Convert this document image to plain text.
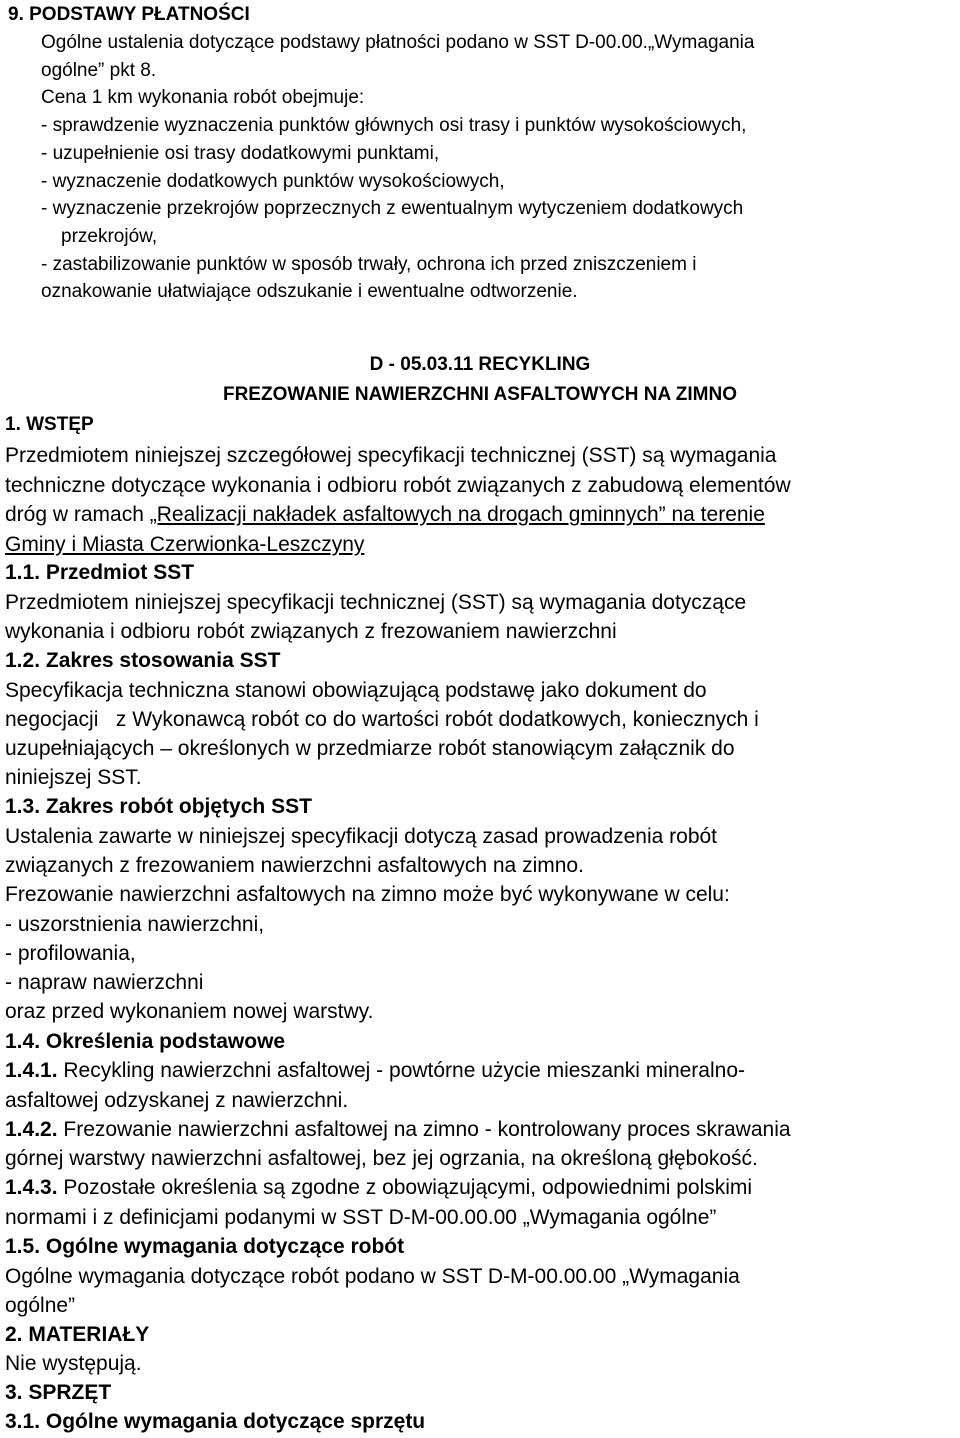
9. PODSTAWY PŁATNOŚCI
Ogólne ustalenia dotyczące podstawy płatności podano w SST D-00.00.„Wymagania
ogólne” pkt 8.
Cena 1 km wykonania robót obejmuje:
- sprawdzenie wyznaczenia punktów głównych osi trasy i punktów wysokościowych,
- uzupełnienie osi trasy dodatkowymi punktami,
- wyznaczenie dodatkowych punktów wysokościowych,
- wyznaczenie przekrojów poprzecznych z ewentualnym wytyczeniem dodatkowych
przekrojów,
- zastabilizowanie punktów w sposób trwały, ochrona ich przed zniszczeniem i
oznakowanie ułatwiające odszukanie i ewentualne odtworzenie.
D - 05.03.11 RECYKLING
FREZOWANIE NAWIERZCHNI ASFALTOWYCH NA ZIMNO
1. WSTĘP
Przedmiotem niniejszej szczegółowej specyfikacji technicznej (SST) są wymagania
techniczne dotyczące wykonania i odbioru robót związanych z zabudową elementów
dróg w ramach „Realizacji nakładek asfaltowych na drogach gminnych” na terenie
Gminy i Miasta Czerwionka-Leszczyny
1.1. Przedmiot SST
Przedmiotem niniejszej specyfikacji technicznej (SST) są wymagania dotyczące
wykonania i odbioru robót związanych z frezowaniem nawierzchni
1.2. Zakres stosowania SST
Specyfikacja techniczna stanowi obowiązującą podstawę jako dokument do
negocjacji   z Wykonawcą robót co do wartości robót dodatkowych, koniecznych i
uzupełniających – określonych w przedmiarze robót stanowiącym załącznik do
niniejszej SST.
1.3. Zakres robót objętych SST
Ustalenia zawarte w niniejszej specyfikacji dotyczą zasad prowadzenia robót
związanych z frezowaniem nawierzchni asfaltowych na zimno.
Frezowanie nawierzchni asfaltowych na zimno może być wykonywane w celu:
- uszorstnienia nawierzchni,
- profilowania,
- napraw nawierzchni
oraz przed wykonaniem nowej warstwy.
1.4. Określenia podstawowe
1.4.1. Recykling nawierzchni asfaltowej - powtórne użycie mieszanki mineralno-
asfaltowej odzyskanej z nawierzchni.
1.4.2. Frezowanie nawierzchni asfaltowej na zimno - kontrolowany proces skrawania
górnej warstwy nawierzchni asfaltowej, bez jej ogrzania, na określoną głębokość.
1.4.3. Pozostałe określenia są zgodne z obowiązującymi, odpowiednimi polskimi
normami i z definicjami podanymi w SST D-M-00.00.00 „Wymagania ogólne”
1.5. Ogólne wymagania dotyczące robót
Ogólne wymagania dotyczące robót podano w SST D-M-00.00.00 „Wymagania
ogólne”
2. MATERIAŁY
Nie występują.
3. SPRZĘT
3.1. Ogólne wymagania dotyczące sprzętu
